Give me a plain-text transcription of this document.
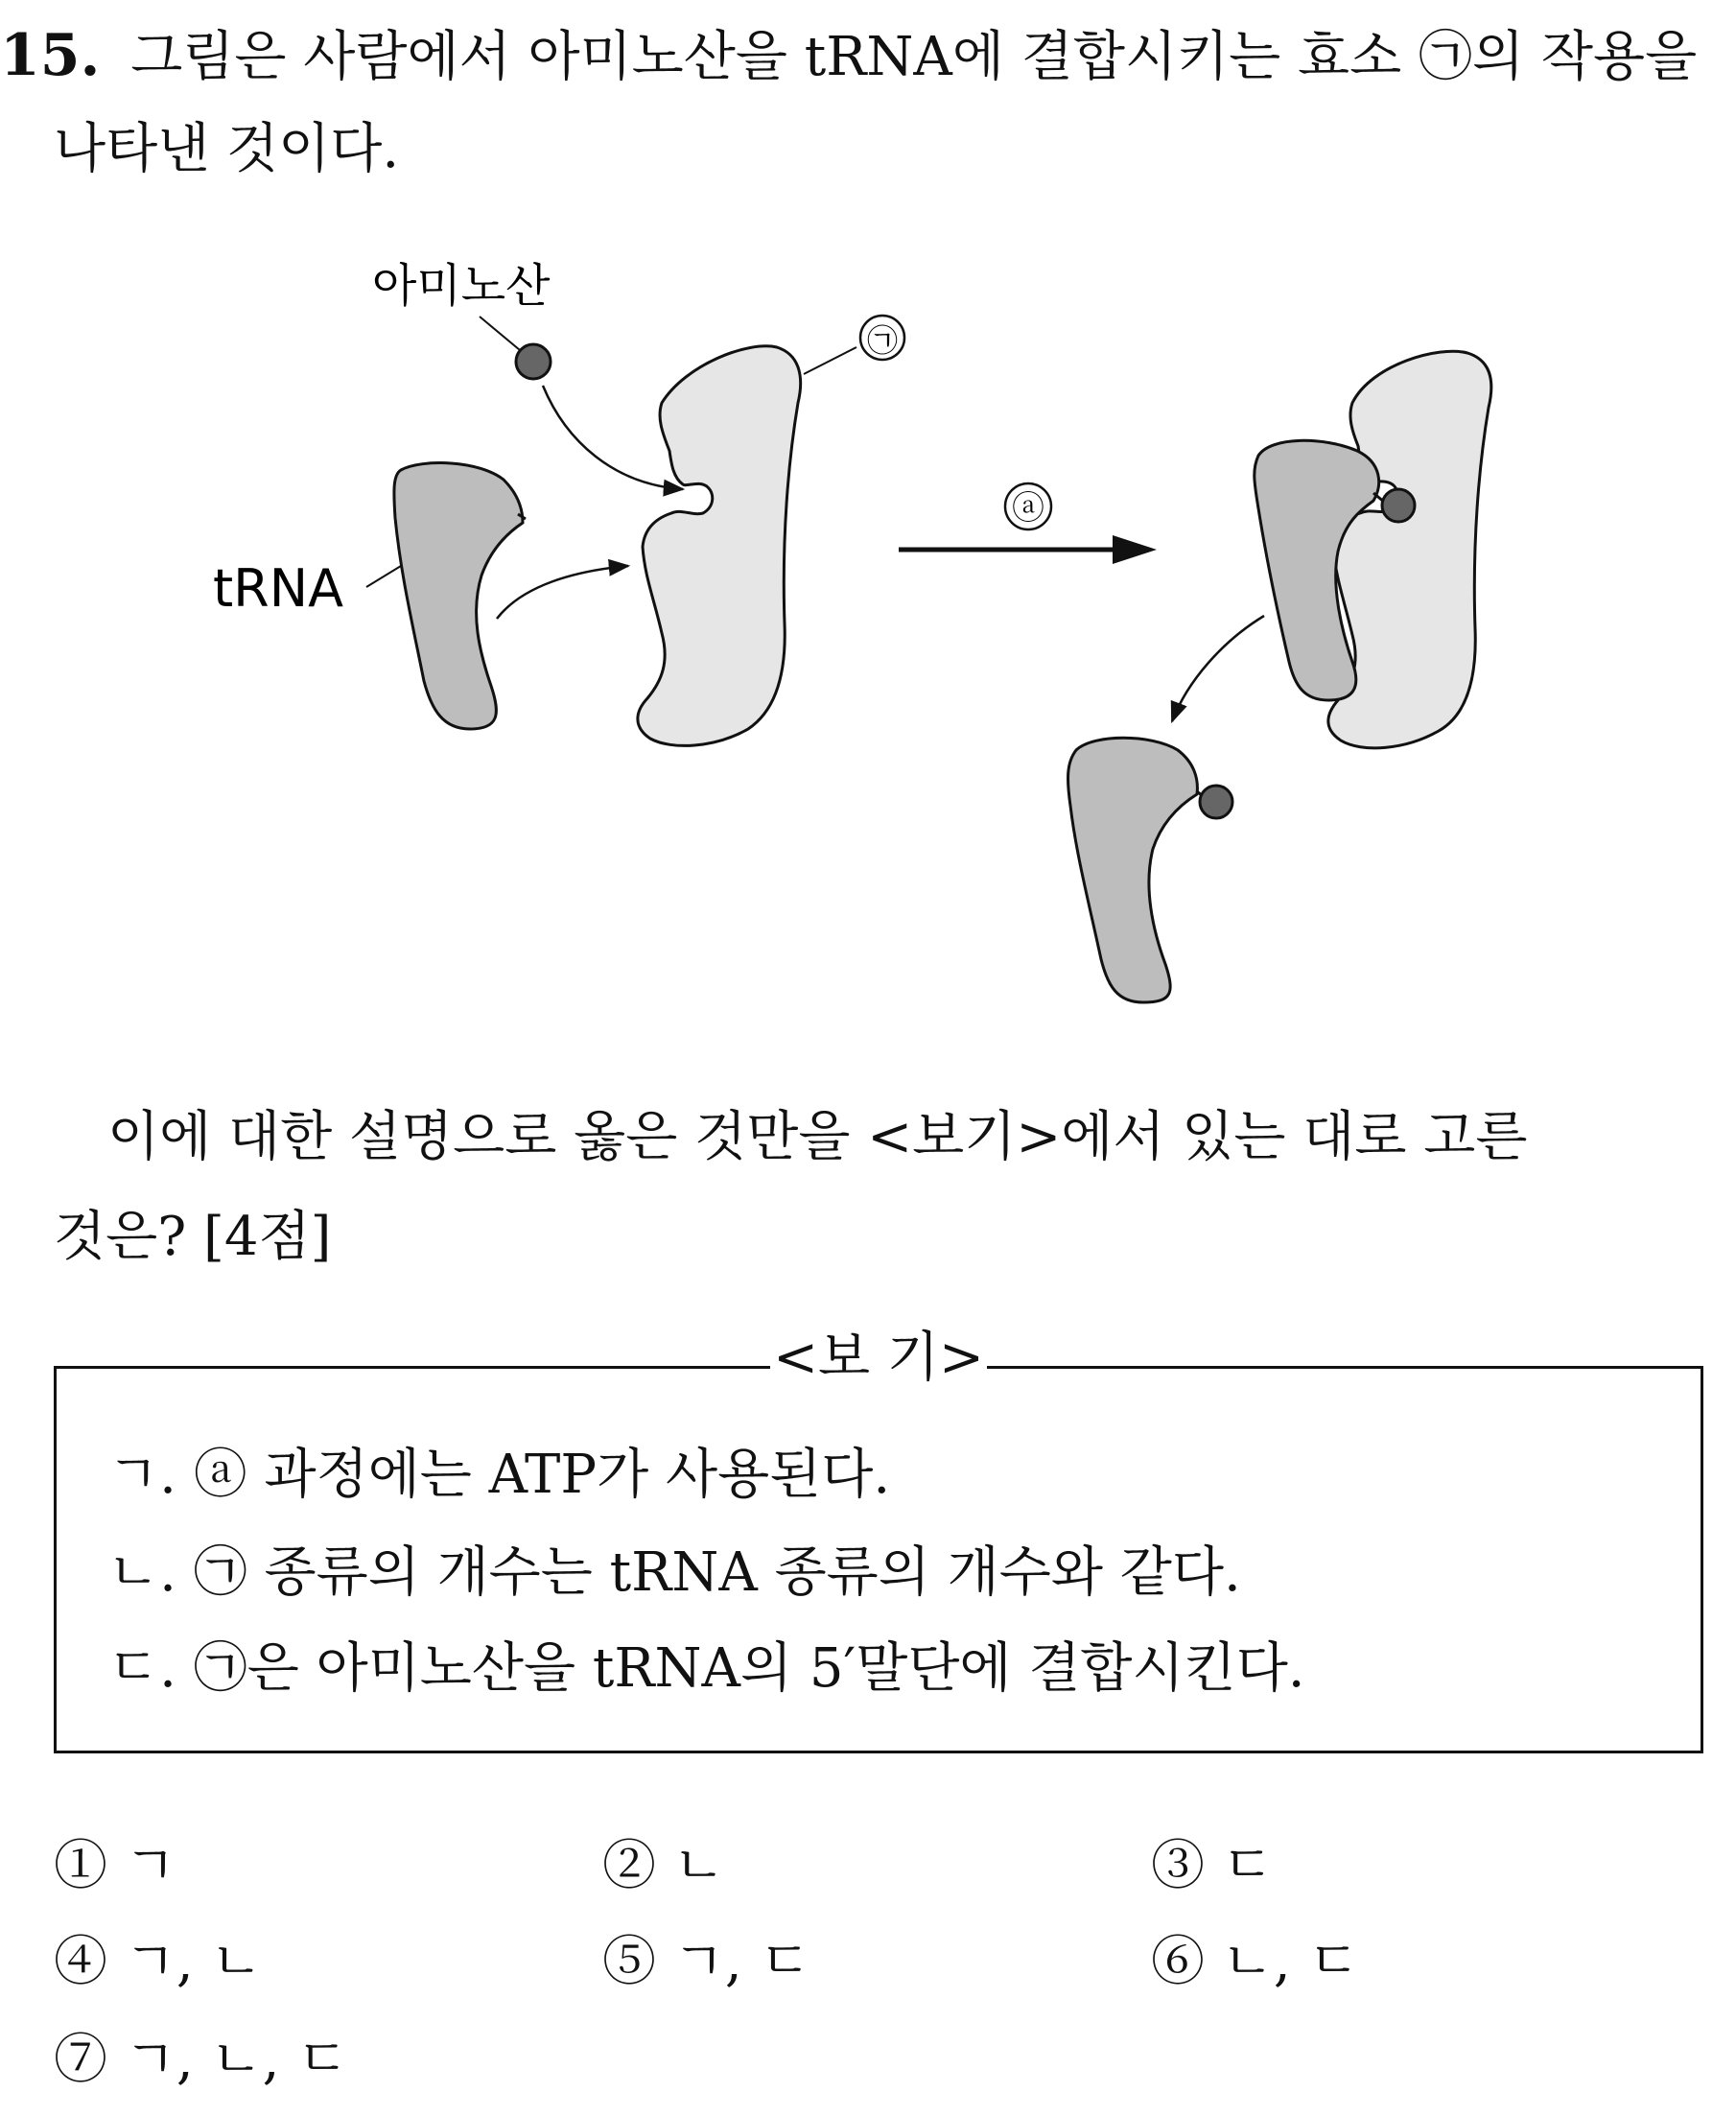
15. 그림은 사람에서 아미노산을 tRNA에 결합시키는 효소 ㉠의 작용을
나타낸 것이다.
아미노산
㉠
tRNA
ⓐ
이에 대한 설명으로 옳은 것만을 <보기>에서 있는 대로 고른
것은? [4점]
<보 기>
ㄱ. ⓐ 과정에는 ATP가 사용된다.
ㄴ. ㉠ 종류의 개수는 tRNA 종류의 개수와 같다.
ㄷ. ㉠은 아미노산을 tRNA의 5′말단에 결합시킨다.
① ㄱ	② ㄴ	③ ㄷ
④ ㄱ, ㄴ	⑤ ㄱ, ㄷ	⑥ ㄴ, ㄷ
⑦ ㄱ, ㄴ, ㄷ
